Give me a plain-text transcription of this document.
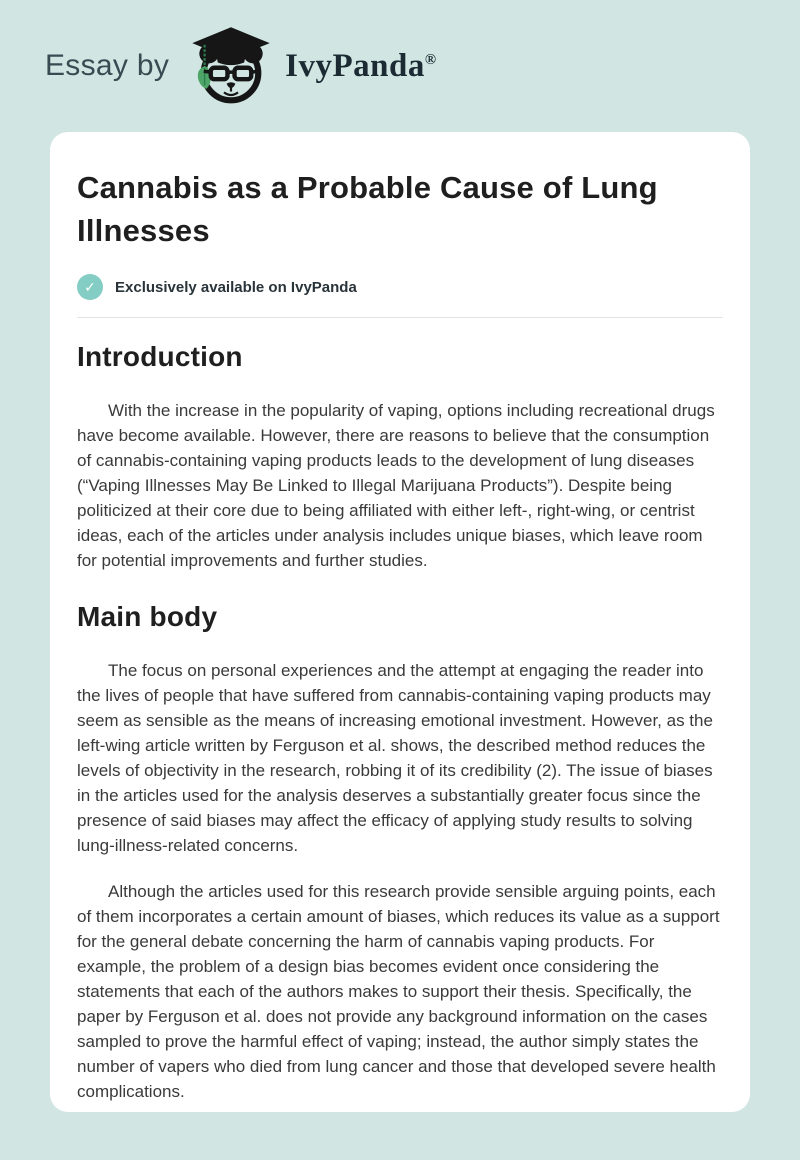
Essay by	IvyPanda®
Cannabis as a Probable Cause of Lung Illnesses
✓	Exclusively available on IvyPanda
Introduction

With the increase in the popularity of vaping, options including recreational drugs have become available. However, there are reasons to believe that the consumption of cannabis-containing vaping products leads to the development of lung diseases (“Vaping Illnesses May Be Linked to Illegal Marijuana Products”). Despite being politicized at their core due to being affiliated with either left-, right-wing, or centrist ideas, each of the articles under analysis includes unique biases, which leave room for potential improvements and further studies.

Main body

The focus on personal experiences and the attempt at engaging the reader into the lives of people that have suffered from cannabis-containing vaping products may seem as sensible as the means of increasing emotional investment. However, as the left-wing article written by Ferguson et al. shows, the described method reduces the levels of objectivity in the research, robbing it of its credibility (2). The issue of biases in the articles used for the analysis deserves a substantially greater focus since the presence of said biases may affect the efficacy of applying study results to solving lung-illness-related concerns.

Although the articles used for this research provide sensible arguing points, each of them incorporates a certain amount of biases, which reduces its value as a support for the general debate concerning the harm of cannabis vaping products. For example, the problem of a design bias becomes evident once considering the statements that each of the authors makes to support their thesis. Specifically, the paper by Ferguson et al. does not provide any background information on the cases sampled to prove the harmful effect of vaping; instead, the author simply states the number of vapers who died from lung cancer and those that developed severe health complications.
